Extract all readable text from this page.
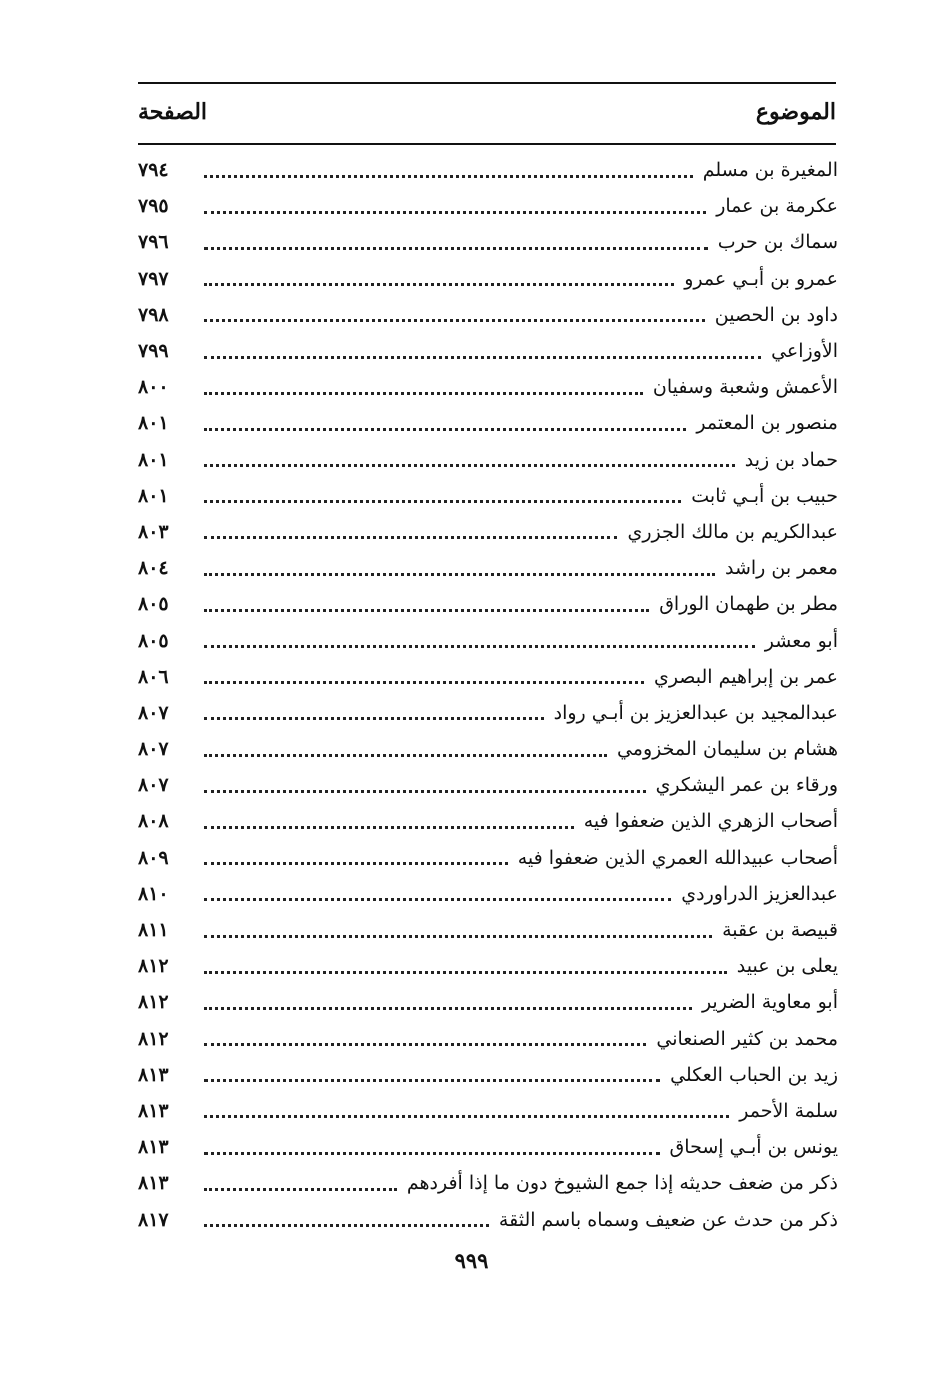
الموضوع
الصفحة
المغيرة بن مسلم
٧٩٤
عكرمة بن عمار
٧٩٥
سماك بن حرب
٧٩٦
عمرو بن أبـي عمرو
٧٩٧
داود بن الحصين
٧٩٨
الأوزاعي
٧٩٩
الأعمش وشعبة وسفيان
٨٠٠
منصور بن المعتمر
٨٠١
حماد بن زيد
٨٠١
حبيب بن أبـي ثابت
٨٠١
عبدالكريم بن مالك الجزري
٨٠٣
معمر بن راشد
٨٠٤
مطر بن طهمان الوراق
٨٠٥
أبو معشر
٨٠٥
عمر بن إبراهيم البصري
٨٠٦
عبدالمجيد بن عبدالعزيز بن أبـي رواد
٨٠٧
هشام بن سليمان المخزومي
٨٠٧
ورقاء بن عمر اليشكري
٨٠٧
أصحاب الزهري الذين ضعفوا فيه
٨٠٨
أصحاب عبيدالله العمري الذين ضعفوا فيه
٨٠٩
عبدالعزيز الدراوردي
٨١٠
قبيصة بن عقبة
٨١١
يعلى بن عبيد
٨١٢
أبو معاوية الضرير
٨١٢
محمد بن كثير الصنعاني
٨١٢
زيد بن الحباب العكلي
٨١٣
سلمة الأحمر
٨١٣
يونس بن أبـي إسحاق
٨١٣
ذكر من ضعف حديثه إذا جمع الشيوخ دون ما إذا أفردهم
٨١٣
ذكر من حدث عن ضعيف وسماه باسم الثقة
٨١٧
٩٩٩
